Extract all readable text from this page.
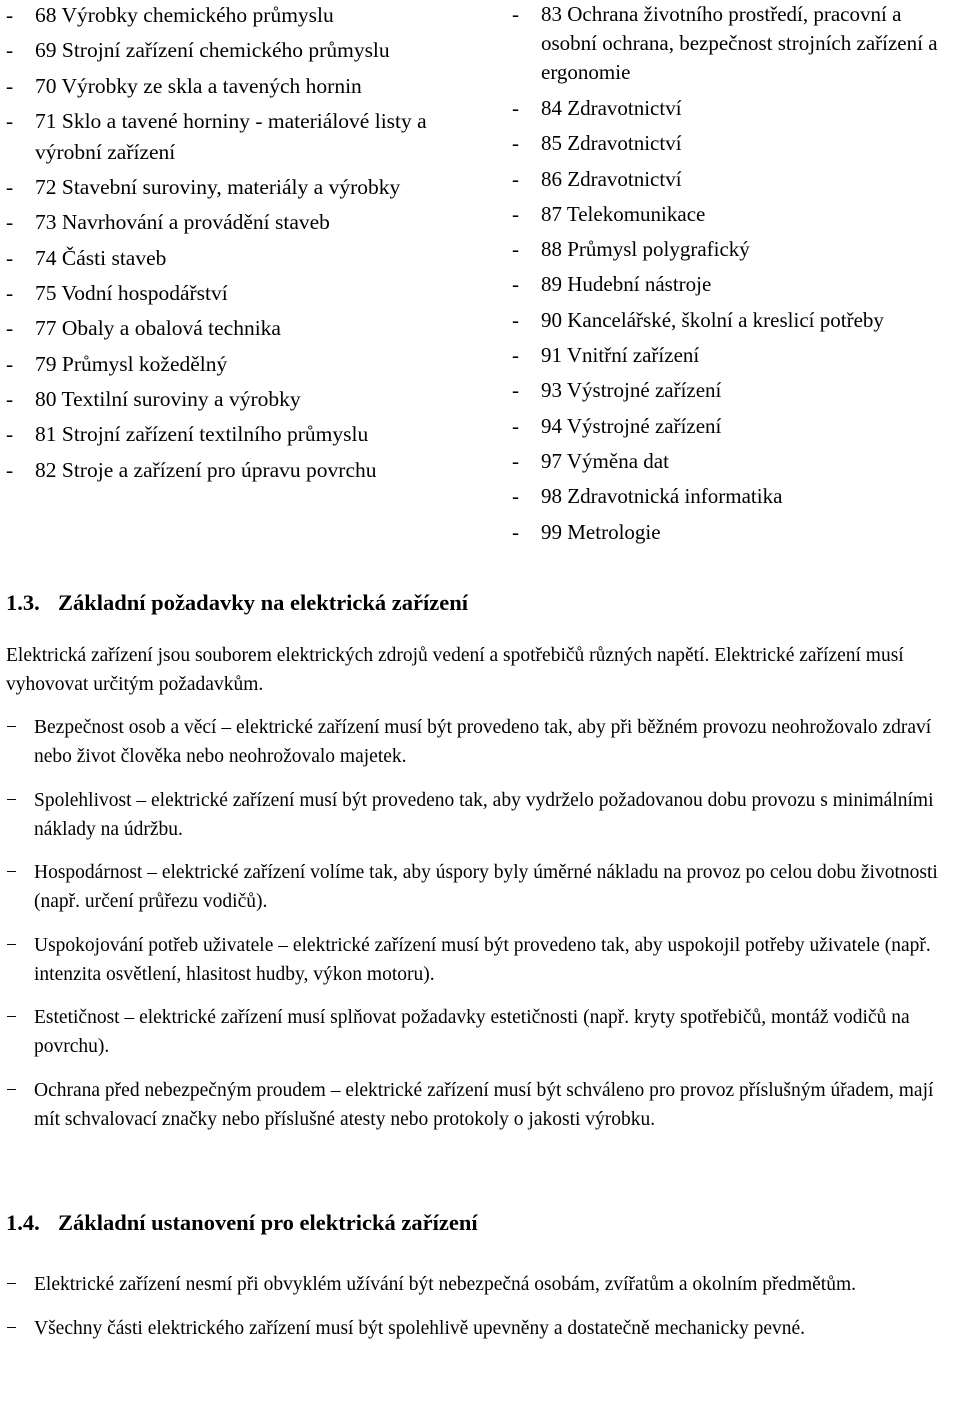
- 68 Výrobky chemického průmyslu
- 69 Strojní zařízení chemického průmyslu
- 70 Výrobky ze skla a tavených hornin
- 71 Sklo a tavené horniny - materiálové listy a výrobní zařízení
- 72 Stavební suroviny, materiály a výrobky
- 73 Navrhování a provádění staveb
- 74 Části staveb
- 75 Vodní hospodářství
- 77 Obaly a obalová technika
- 79 Průmysl kožedělný
- 80 Textilní suroviny a výrobky
- 81 Strojní zařízení textilního průmyslu
- 82 Stroje a zařízení pro úpravu povrchu
- 83 Ochrana životního prostředí, pracovní a osobní ochrana, bezpečnost strojních zařízení a ergonomie
- 84 Zdravotnictví
- 85 Zdravotnictví
- 86 Zdravotnictví
- 87 Telekomunikace
- 88 Průmysl polygrafický
- 89 Hudební nástroje
- 90 Kancelářské, školní a kreslicí potřeby
- 91 Vnitřní zařízení
- 93 Výstrojné zařízení
- 94 Výstrojné zařízení
- 97 Výměna dat
- 98 Zdravotnická informatika
- 99 Metrologie
1.3. Základní požadavky na elektrická zařízení
Elektrická zařízení jsou souborem elektrických zdrojů vedení a spotřebičů různých napětí. Elektrické zařízení musí vyhovovat určitým požadavkům.
− Bezpečnost osob a věcí – elektrické zařízení musí být provedeno tak, aby při běžném provozu neohrožovalo zdraví nebo život člověka nebo neohrožovalo majetek.
− Spolehlivost – elektrické zařízení musí být provedeno tak, aby vydrželo požadovanou dobu provozu s minimálními náklady na údržbu.
− Hospodárnost – elektrické zařízení volíme tak, aby úspory byly úměrné nákladu na provoz po celou dobu životnosti (např. určení průřezu vodičů).
− Uspokojování potřeb uživatele – elektrické zařízení musí být provedeno tak, aby uspokojil potřeby uživatele (např. intenzita osvětlení, hlasitost hudby, výkon motoru).
− Estetičnost – elektrické zařízení musí splňovat požadavky estetičnosti (např. kryty spotřebičů, montáž vodičů na povrchu).
− Ochrana před nebezpečným proudem – elektrické zařízení musí být schváleno pro provoz příslušným úřadem, mají mít schvalovací značky nebo příslušné atesty nebo protokoly o jakosti výrobku.
1.4. Základní ustanovení pro elektrická zařízení
− Elektrické zařízení nesmí při obvyklém užívání být nebezpečná osobám, zvířatům a okolním předmětům.
− Všechny části elektrického zařízení musí být spolehlivě upevněny a dostatečně mechanicky pevné.
